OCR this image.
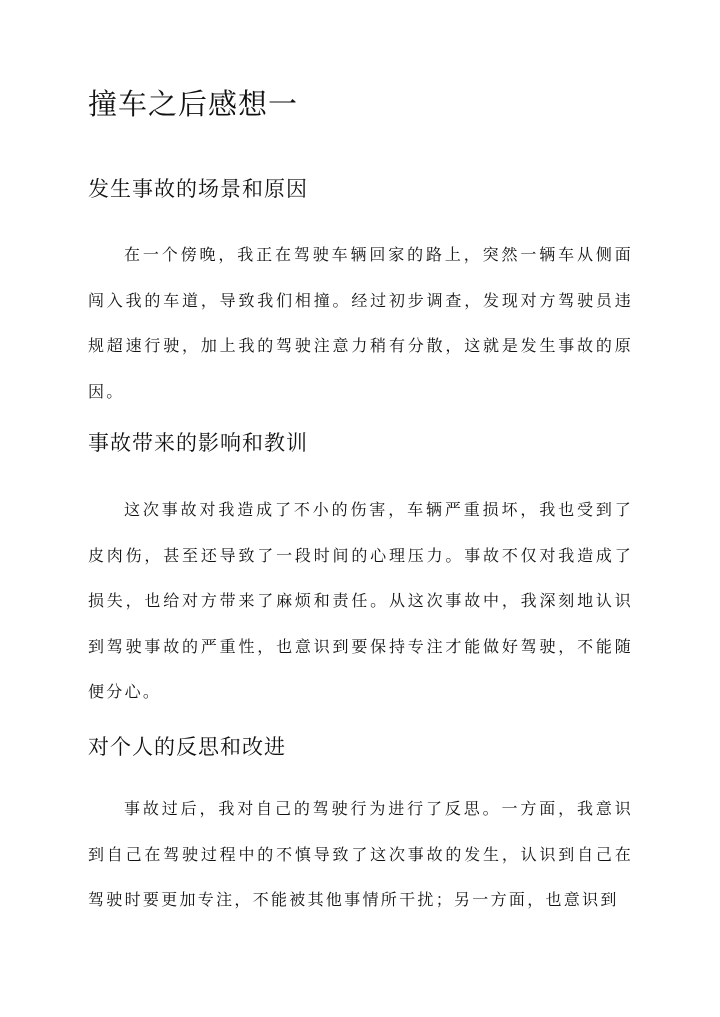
撞车之后感想一
发生事故的场景和原因

在一个傍晚，我正在驾驶车辆回家的路上，突然一辆车从侧面闯入我的车道，导致我们相撞。经过初步调查，发现对方驾驶员违规超速行驶，加上我的驾驶注意力稍有分散，这就是发生事故的原因。

事故带来的影响和教训

这次事故对我造成了不小的伤害，车辆严重损坏，我也受到了皮肉伤，甚至还导致了一段时间的心理压力。事故不仅对我造成了损失，也给对方带来了麻烦和责任。从这次事故中，我深刻地认识到驾驶事故的严重性，也意识到要保持专注才能做好驾驶，不能随便分心。

对个人的反思和改进

事故过后，我对自己的驾驶行为进行了反思。一方面，我意识到自己在驾驶过程中的不慎导致了这次事故的发生，认识到自己在驾驶时要更加专注，不能被其他事情所干扰；另一方面，也意识到
